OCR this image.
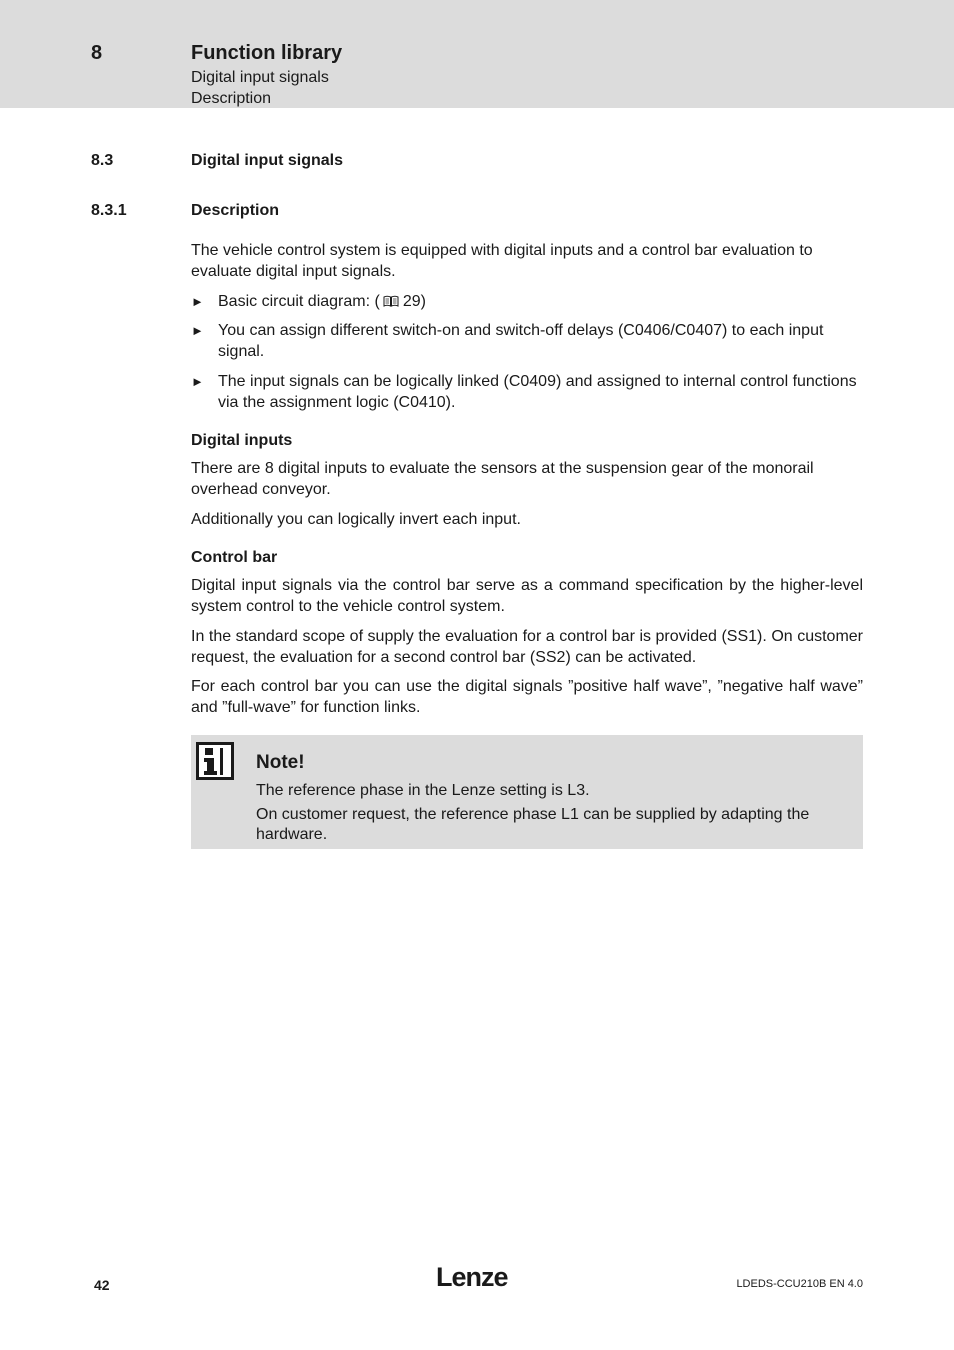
8	Function library
Digital input signals
Description
8.3	Digital input signals
8.3.1	Description

The vehicle control system is equipped with digital inputs and a control bar evaluation to evaluate digital input signals.

► Basic circuit diagram: ( 29)
► You can assign different switch-on and switch-off delays (C0406/C0407) to each input signal.
► The input signals can be logically linked (C0409) and assigned to internal control functions via the assignment logic (C0410).
Digital inputs

There are 8 digital inputs to evaluate the sensors at the suspension gear of the monorail overhead conveyor.

Additionally you can logically invert each input.

Control bar

Digital input signals via the control bar serve as a command specification by the higher-level system control to the vehicle control system.

In the standard scope of supply the evaluation for a control bar is provided (SS1). On customer request, the evaluation for a second control bar (SS2) can be activated.

For each control bar you can use the digital signals ”positive half wave”, ”negative half wave” and ”full-wave” for function links.

Note!
The reference phase in the Lenze setting is L3.
On customer request, the reference phase L1 can be supplied by adapting the hardware.
42	Lenze	LDEDS-CCU210B EN 4.0
